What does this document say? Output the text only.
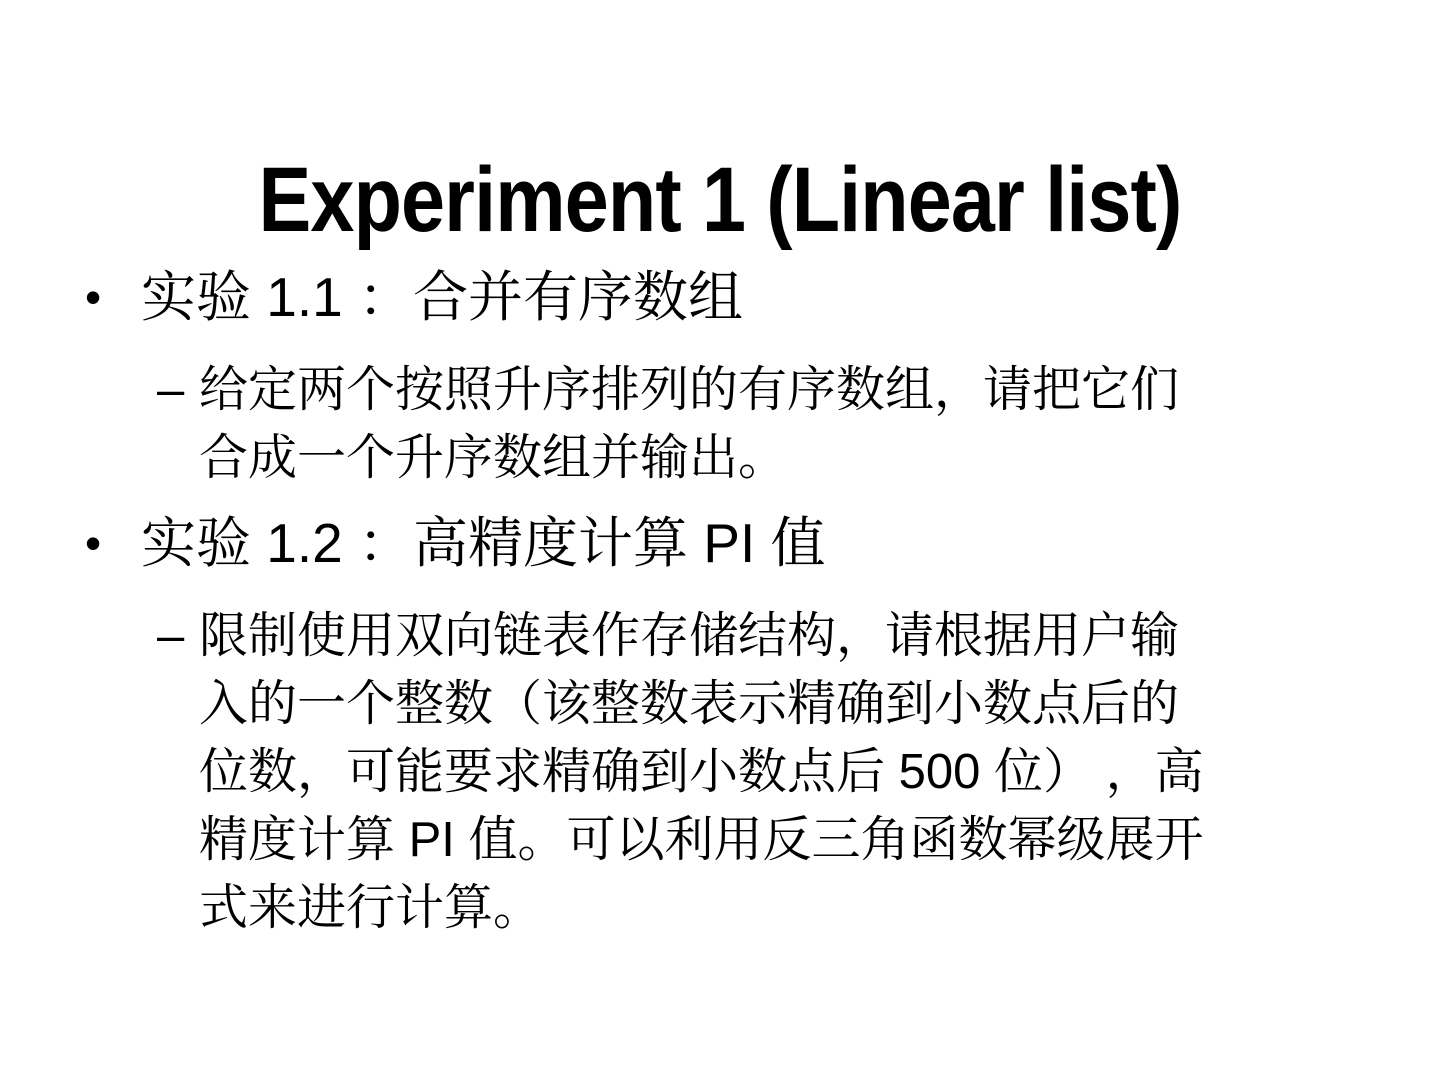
Experiment 1 (Linear list)
• 实验 1.1 ：合并有序数组
– 给定两个按照升序排列的有序数组，请把它们
合成一个升序数组并输出。
• 实验 1.2 ：高精度计算 PI 值
– 限制使用双向链表作存储结构，请根据用户输
入的一个整数（该整数表示精确到小数点后的
位数，可能要求精确到小数点后 500 位） ，高
精度计算 PI 值。可以利用反三角函数幂级展开
式来进行计算。
